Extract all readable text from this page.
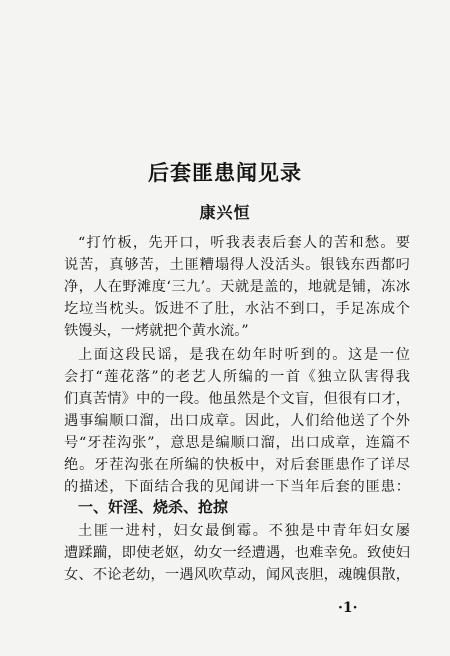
后套匪患闻见录
康兴恒
“打竹板，先开口，听我表表后套人的苦和愁。要
说苦，真够苦，土匪糟塌得人没活头。银钱东西都叼
净，人在野滩度‘三九’。天就是盖的，地就是铺，冻冰
圪垃当枕头。饭进不了肚，水沾不到口，手足冻成个
铁馒头，一烤就把个黄水流。”
上面这段民谣，是我在幼年时听到的。这是一位
会打“莲花落”的老艺人所编的一首《独立队害得我
们真苦情》中的一段。他虽然是个文盲，但很有口才，
遇事编顺口溜，出口成章。因此，人们给他送了个外
号“牙茬沟张”，意思是编顺口溜，出口成章，连篇不
绝。牙茬沟张在所编的快板中，对后套匪患作了详尽
的描述，下面结合我的见闻讲一下当年后套的匪患：
一、奸淫、烧杀、抢掠
土匪一进村，妇女最倒霉。不独是中青年妇女屡
遭蹂躏，即使老妪，幼女一经遭遇，也难幸免。致使妇
女、不论老幼，一遇风吹草动，闻风丧胆，魂魄俱散，
·1·
